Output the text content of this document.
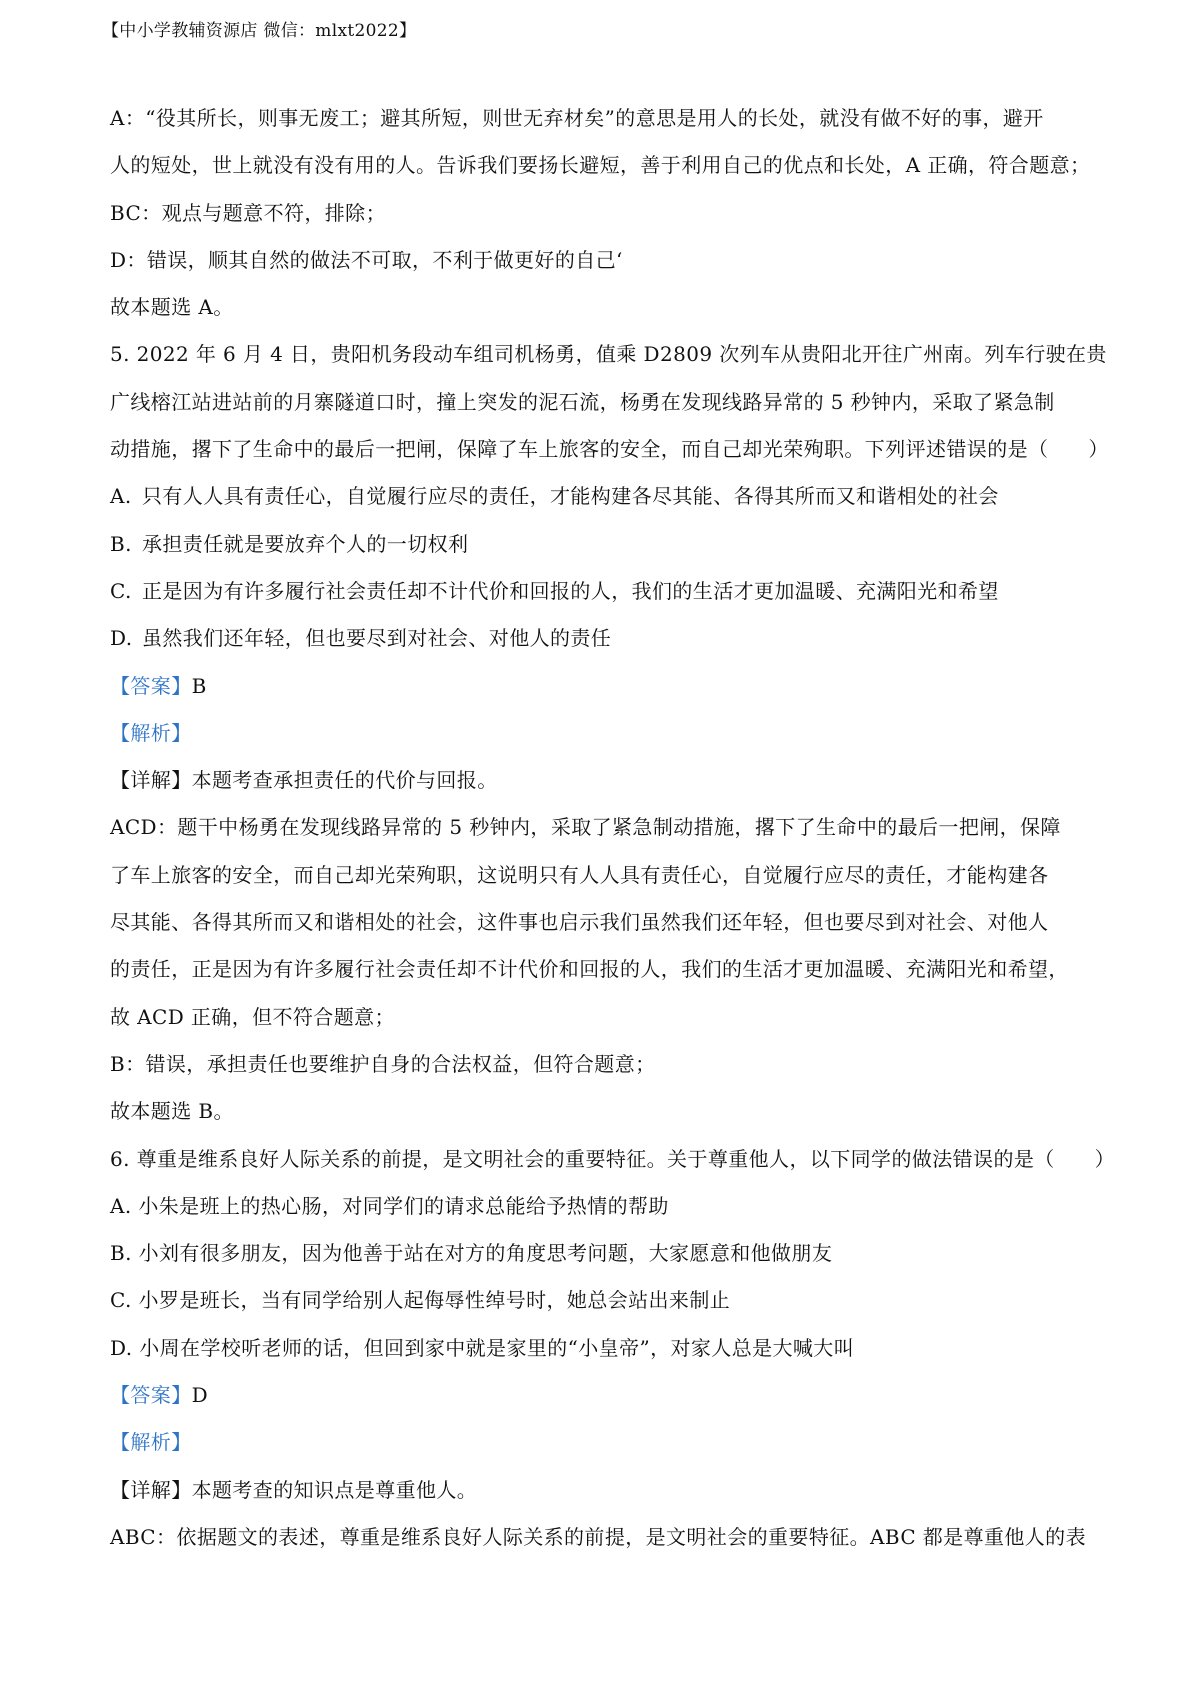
【中小学教辅资源店 微信：mlxt2022】
A：“役其所长，则事无废工；避其所短，则世无弃材矣”的意思是用人的长处，就没有做不好的事，避开
人的短处，世上就没有没有用的人。告诉我们要扬长避短，善于利用自己的优点和长处，A 正确，符合题意；
BC：观点与题意不符，排除；
D：错误，顺其自然的做法不可取，不利于做更好的自己‘
故本题选 A。
5. 2022 年 6 月 4 日，贵阳机务段动车组司机杨勇，值乘 D2809 次列车从贵阳北开往广州南。列车行驶在贵
广线榕江站进站前的月寨隧道口时，撞上突发的泥石流，杨勇在发现线路异常的 5 秒钟内，采取了紧急制
动措施，撂下了生命中的最后一把闸，保障了车上旅客的安全，而自己却光荣殉职。下列评述错误的是（ ）
A. 只有人人具有责任心，自觉履行应尽的责任，才能构建各尽其能、各得其所而又和谐相处的社会
B. 承担责任就是要放弃个人的一切权利
C. 正是因为有许多履行社会责任却不计代价和回报的人，我们的生活才更加温暖、充满阳光和希望
D. 虽然我们还年轻，但也要尽到对社会、对他人的责任
【答案】B
【解析】
【详解】本题考查承担责任的代价与回报。
ACD：题干中杨勇在发现线路异常的 5 秒钟内，采取了紧急制动措施，撂下了生命中的最后一把闸，保障
了车上旅客的安全，而自己却光荣殉职，这说明只有人人具有责任心，自觉履行应尽的责任，才能构建各
尽其能、各得其所而又和谐相处的社会，这件事也启示我们虽然我们还年轻，但也要尽到对社会、对他人
的责任，正是因为有许多履行社会责任却不计代价和回报的人，我们的生活才更加温暖、充满阳光和希望，
故 ACD 正确，但不符合题意；
B：错误，承担责任也要维护自身的合法权益，但符合题意；
故本题选 B。
6. 尊重是维系良好人际关系的前提，是文明社会的重要特征。关于尊重他人，以下同学的做法错误的是（ ）
A. 小朱是班上的热心肠，对同学们的请求总能给予热情的帮助
B. 小刘有很多朋友，因为他善于站在对方的角度思考问题，大家愿意和他做朋友
C. 小罗是班长，当有同学给别人起侮辱性绰号时，她总会站出来制止
D. 小周在学校听老师的话，但回到家中就是家里的“小皇帝”，对家人总是大喊大叫
【答案】D
【解析】
【详解】本题考查的知识点是尊重他人。
ABC：依据题文的表述，尊重是维系良好人际关系的前提，是文明社会的重要特征。ABC 都是尊重他人的表
